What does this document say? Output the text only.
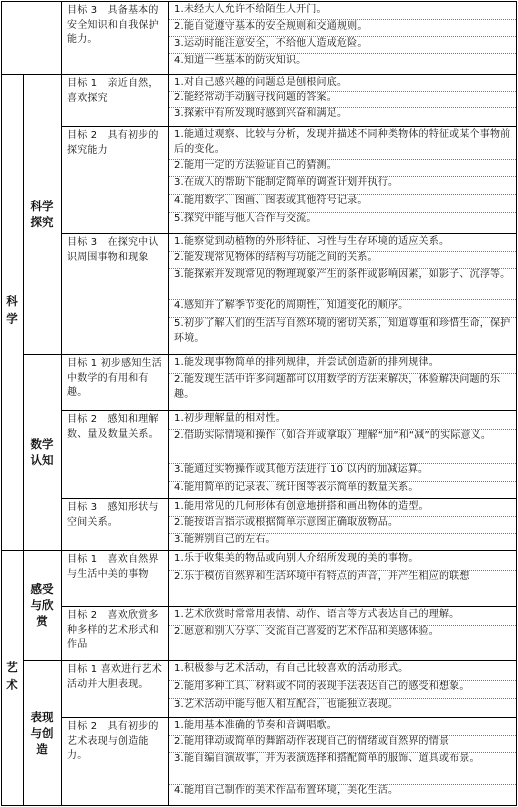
科学
艺术
科学探究
数学认知
感受与欣赏
表现与创造
目标 3　具备基本的安全知识和自我保护能力。

1.未经大人允许不给陌生人开门。

2.能自觉遵守基本的安全规则和交通规则。

3.运动时能注意安全，不给他人造成危险。

4.知道一些基本的防灾知识。

目标 1　亲近自然，喜欢探究

1.对自己感兴趣的问题总是刨根问底。

2.能经常动手动脑寻找问题的答案。

3.探索中有所发现时感到兴奋和满足。

目标 2　具有初步的探究能力

1.能通过观察、比较与分析，发现并描述不同种类物体的特征或某个事物前后的变化。

2.能用一定的方法验证自己的猜测。

3.在成人的帮助下能制定简单的调查计划并执行。

4.能用数字、图画、图表或其他符号记录。

5.探究中能与他人合作与交流。

目标 3　在探究中认识周围事物和现象

1.能察觉到动植物的外形特征、习性与生存环境的适应关系。

2.能发现常见物体的结构与功能之间的关系。

3.能探索并发现常见的物理现象产生的条件或影响因素，如影子、沉浮等。

4.感知并了解季节变化的周期性，知道变化的顺序。

5.初步了解人们的生活与自然环境的密切关系，知道尊重和珍惜生命，保护环境。

目标 1 初步感知生活中数学的有用和有趣。

1.能发现事物简单的排列规律，并尝试创造新的排列规律。

2.能发现生活中许多问题都可以用数学的方法来解决，体验解决问题的乐趣。

目标 2　感知和理解数、量及数量关系。

1.初步理解量的相对性。

2.借助实际情境和操作（如合并或拿取）理解“加”和“减”的实际意义。

3.能通过实物操作或其他方法进行 10 以内的加减运算。

4.能用简单的记录表、统计图等表示简单的数量关系。

目标 3　感知形状与空间关系。

1.能用常见的几何形体有创意地拼搭和画出物体的造型。

2.能按语言指示或根据简单示意图正确取放物品。

3.能辨别自己的左右。

目标 1　喜欢自然界与生活中美的事物

1.乐于收集美的物品或向别人介绍所发现的美的事物。

2.乐于模仿自然界和生活环境中有特点的声音，并产生相应的联想

目标 2　喜欢欣赏多种多样的艺术形式和作品

1.艺术欣赏时常常用表情、动作、语言等方式表达自己的理解。

2.愿意和别人分享、交流自己喜爱的艺术作品和美感体验。

目标 1 喜欢进行艺术活动并大胆表现。

1.积极参与艺术活动，有自己比较喜欢的活动形式。

2.能用多种工具、材料或不同的表现手法表达自己的感受和想象。

3.艺术活动中能与他人相互配合，也能独立表现。

目标 2　具有初步的艺术表现与创造能力。

1.能用基本准确的节奏和音调唱歌。

2.能用律动或简单的舞蹈动作表现自己的情绪或自然界的情景

3.能自编自演故事，并为表演选择和搭配简单的服饰、道具或布景。

4.能用自己制作的美术作品布置环境，美化生活。
